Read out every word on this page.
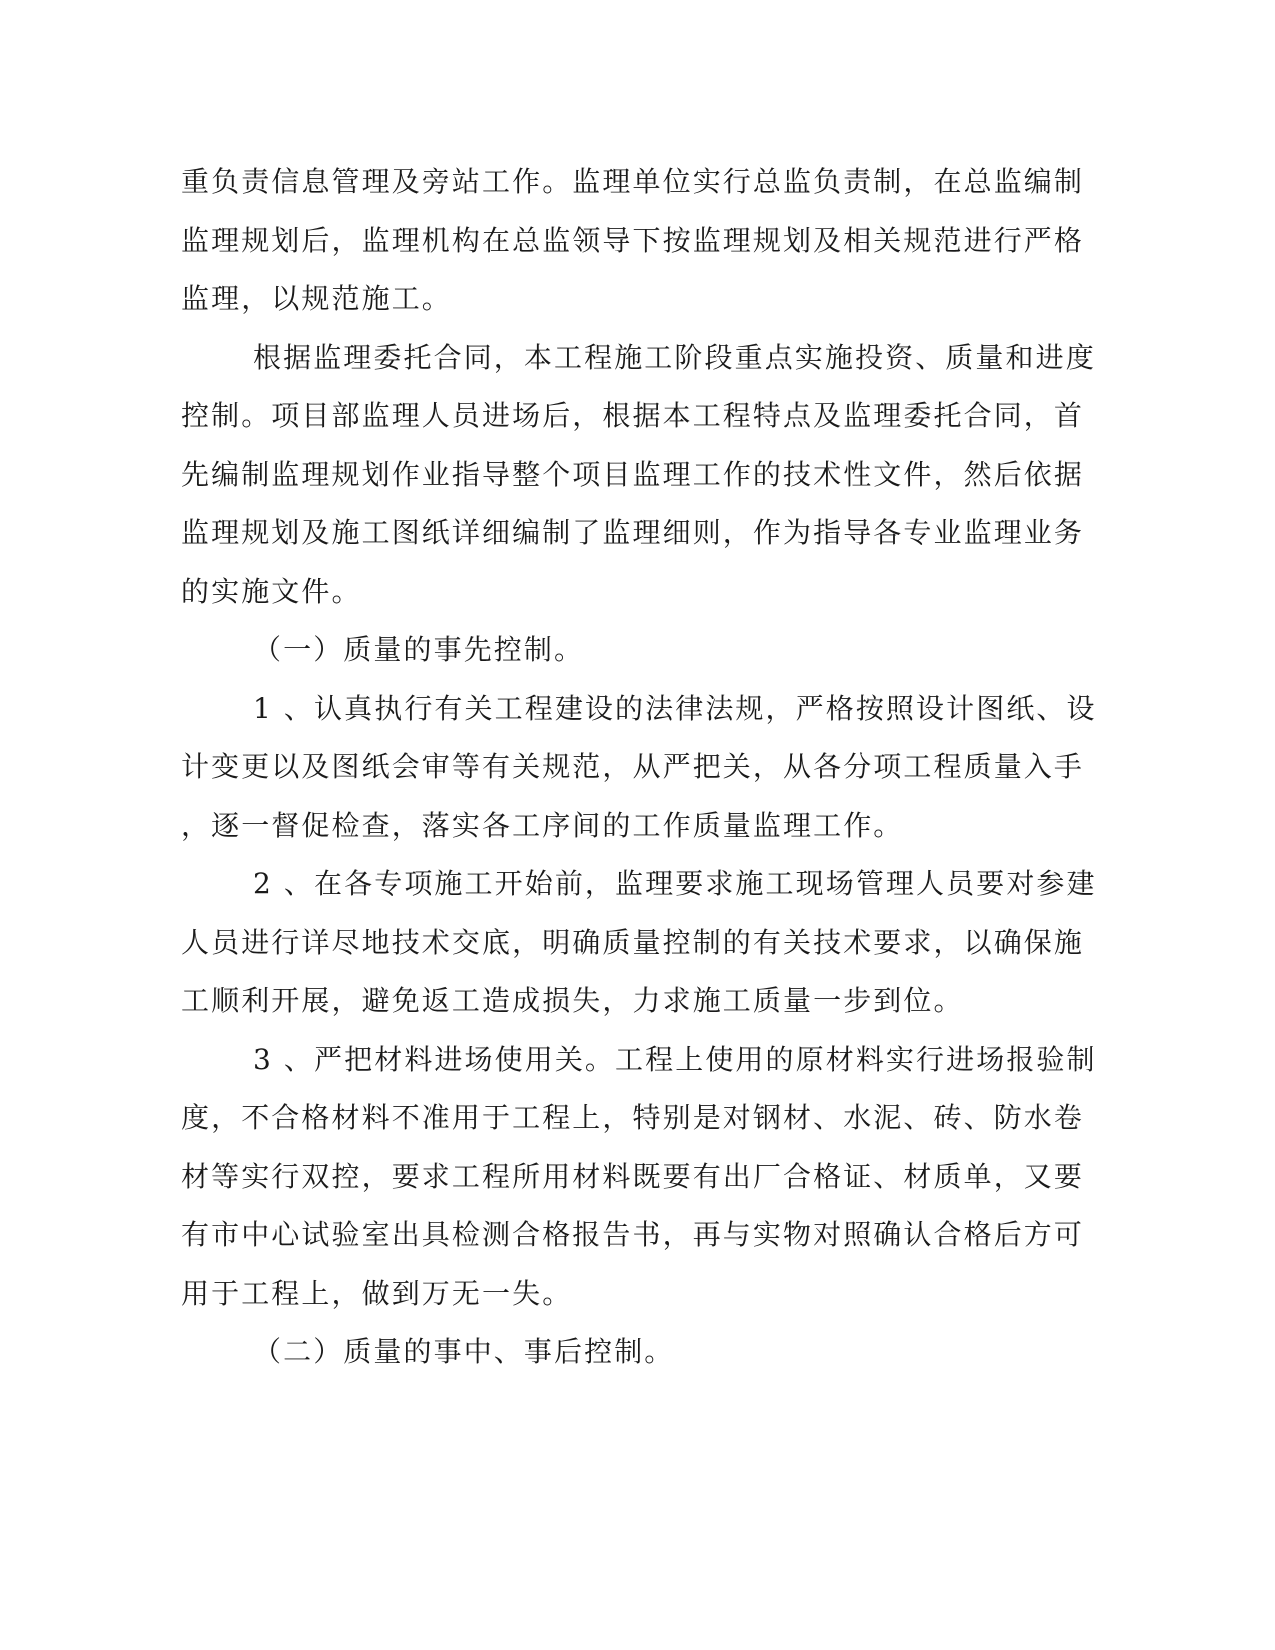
重负责信息管理及旁站工作。监理单位实行总监负责制，在总监编制
监理规划后，监理机构在总监领导下按监理规划及相关规范进行严格
监理，以规范施工。
根据监理委托合同，本工程施工阶段重点实施投资、质量和进度
控制。项目部监理人员进场后，根据本工程特点及监理委托合同，首
先编制监理规划作业指导整个项目监理工作的技术性文件，然后依据
监理规划及施工图纸详细编制了监理细则，作为指导各专业监理业务
的实施文件。
（一）质量的事先控制。
1 、认真执行有关工程建设的法律法规，严格按照设计图纸、设
计变更以及图纸会审等有关规范，从严把关，从各分项工程质量入手
，逐一督促检查，落实各工序间的工作质量监理工作。
2 、在各专项施工开始前，监理要求施工现场管理人员要对参建
人员进行详尽地技术交底，明确质量控制的有关技术要求，以确保施
工顺利开展，避免返工造成损失，力求施工质量一步到位。
3 、严把材料进场使用关。工程上使用的原材料实行进场报验制
度，不合格材料不准用于工程上，特别是对钢材、水泥、砖、防水卷
材等实行双控，要求工程所用材料既要有出厂合格证、材质单，又要
有市中心试验室出具检测合格报告书，再与实物对照确认合格后方可
用于工程上，做到万无一失。
（二）质量的事中、事后控制。
